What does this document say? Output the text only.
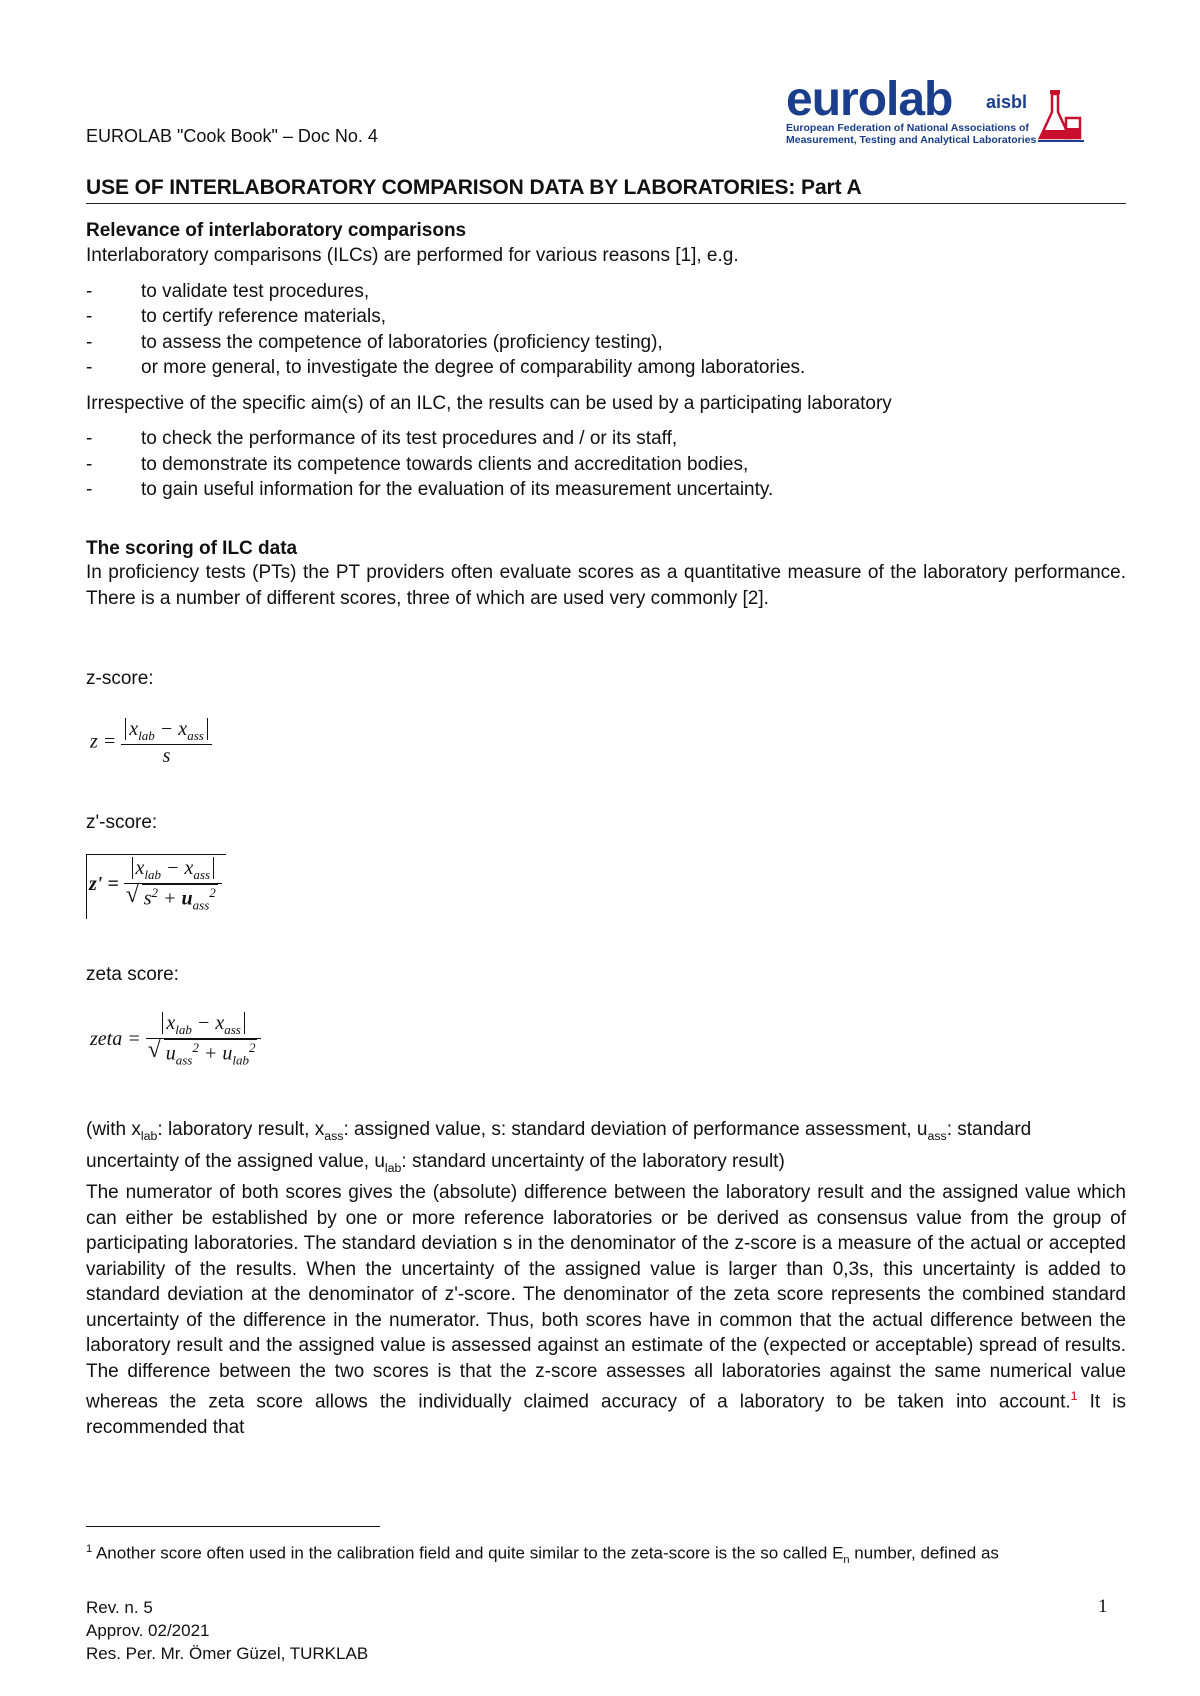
EUROLAB "Cook Book" – Doc No. 4
eurolab aisbl
European Federation of National Associations of
Measurement, Testing and Analytical Laboratories
USE OF INTERLABORATORY COMPARISON DATA BY LABORATORIES: Part A
Relevance of interlaboratory comparisons
Interlaboratory comparisons (ILCs) are performed for various reasons [1], e.g.
-	to validate test procedures,
-	to certify reference materials,
-	to assess the competence of laboratories (proficiency testing),
-	or more general, to investigate the degree of comparability among laboratories.
Irrespective of the specific aim(s) of an ILC, the results can be used by a participating laboratory
-	to check the performance of its test procedures and / or its staff,
-	to demonstrate its competence towards clients and accreditation bodies,
-	to gain useful information for the evaluation of its measurement uncertainty.
The scoring of ILC data
In proficiency tests (PTs) the PT providers often evaluate scores as a quantitative measure of the laboratory performance. There is a number of different scores, three of which are used very commonly [2].
z-score:
$z = \frac{x_{lab} - x_{ass}}{s}$
z'-score:
$z' = x_{lab} - x_{ass}$
√ $s^2 + u_{ass}^2$
zeta score:
zeta = $x_{lab} - x_{ass}$
√ $u_{ass}^2 + u_{lab}^2$
(with $x_{lab}$: laboratory result, $x_{ass}$: assigned value, s: standard deviation of performance assessment, $u_{ass}$: standard uncertainty of the assigned value, $u_{lab}$: standard uncertainty of the laboratory result)
The numerator of both scores gives the (absolute) difference between the laboratory result and the assigned value which can either be established by one or more reference laboratories or be derived as consensus value from the group of participating laboratories. The standard deviation s in the denominator of the z-score is a measure of the actual or accepted variability of the results. When the uncertainty of the assigned value is larger than 0,3s, this uncertainty is added to standard deviation at the denominator of z'-score. The denominator of the zeta score represents the combined standard uncertainty of the difference in the numerator. Thus, both scores have in common that the actual difference between the laboratory result and the assigned value is assessed against an estimate of the (expected or acceptable) spread of results. The difference between the two scores is that the z-score assesses all laboratories against the same numerical value whereas the zeta score allows the individually claimed accuracy of a laboratory to be taken into account.$^1$ It is recommended that
$^1$ Another score often used in the calibration field and quite similar to the zeta-score is the so called $E_n$ number, defined as
Rev. n. 5
Approv. 02/2021
Res. Per. Mr. Ömer Güzel, TURKLAB
1
